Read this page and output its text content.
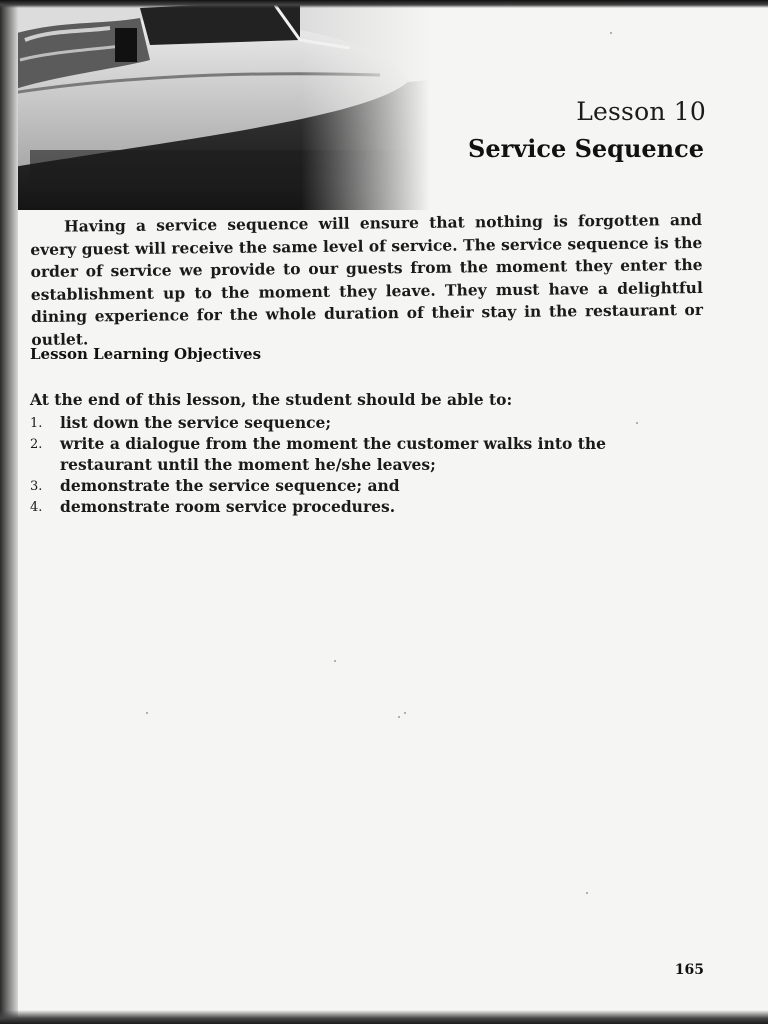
Lesson 10
Service Sequence

Having a service sequence will ensure that nothing is forgotten and every guest will receive the same level of service. The service sequence is the order of service we provide to our guests from the moment they enter the establishment up to the moment they leave. They must have a delightful dining experience for the whole duration of their stay in the restaurant or outlet.

Lesson Learning Objectives

At the end of this lesson, the student should be able to:

1. list down the service sequence;
2. write a dialogue from the moment the customer walks into the restaurant until the moment he/she leaves;
3. demonstrate the service sequence; and
4. demonstrate room service procedures.

165
